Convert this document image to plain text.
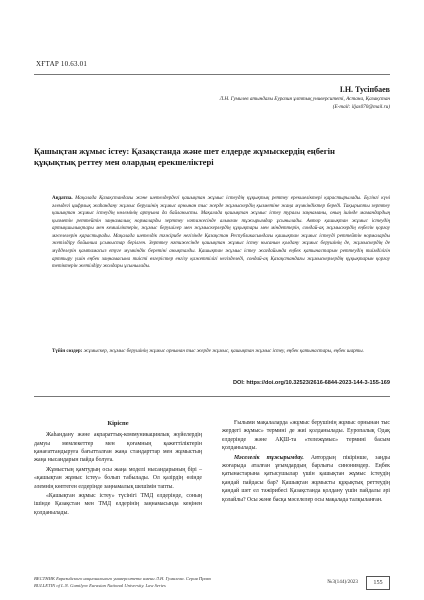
ХҒТАР 10.63.01
I.Н. Тусiпбаев
Л.Н. Гумилев атындағы Еуразия ұлттық университеті, Астана, Қазақстан
(E-mail: iljas070@mail.ru)
Қашықтан жұмыс істеу: Қазақстанда және шет елдерде жұмыскердің еңбегін құқықтық реттеу мен олардың ерекшеліктері
Аңдатпа. Мақалада Қазақстандағы және шетелдердегі қашықтан жұмыс істеудің құқықтық реттеу ерекшеліктері қарастырылады. Бүгінгі күні әлемдегі цифрлық жаһандану жұмыс берушінің жұмыс орнынан тыс жерде жұмыскердің қызметіне жаңа мүмкіндіктер береді. Тақырыпты зерттеу қашықтан жұмыс істеудің көлемінің артуына да байланысты. Мақалада қашықтан жұмыс істеу туралы заңнаманы, оның ішінде мамандардың қызметін реттейтін заңнамалық нормаларды зерттеу нәтижесінде алынған тұжырымдар ұсынылады. Автор қашықтан жұмыс істеудің артықшылықтары мен кемшіліктерін, жұмыс берушілер мен жұмыскерлердің құқықтары мен міндеттерін, сондай-ақ жұмыскердің еңбегін қорғау мәселелерін қарастырады. Мақалада шетелдік тәжірибе негізінде Қазақстан Республикасындағы қашықтан жұмыс істеуді реттейтін нормаларды жетілдіру бойынша ұсыныстар берілген. Зерттеу нәтижесінде қашықтан жұмыс істеу нысанын қолдану жұмыс берушінің де, жұмыскердің де мүдделерін қамтамасыз етуге мүмкіндік беретіні анықталды. Қашықтан жұмыс істеу жағдайында еңбек қатынастарын реттеудің тиімділігін арттыру үшін еңбек заңнамасына тиісті өзгерістер енгізу қажеттілігі негізделеді, сондай-ақ Қазақстандағы жұмыскерлердің құқықтарын қорғау тетіктерін жетілдіру жолдары ұсынылады.
Түйін сөздер: жұмыскер, жұмыс берушінің жұмыс орнынан тыс жерде жұмыс, қашықтан жұмыс істеу, еңбек қатынастары, еңбек шарты.
DOI: https://doi.org/10.32523/2616-6844-2023-144-3-155-169
Кіріспе

Жаһандану және ақпараттық-коммуникациялық жүйелердің дамуы мемлекеттер мен қоғамның қажеттіліктерін қанағаттандыруға бағытталған жаңа стандарттар мен жұмыстың жаңа нысандарын пайда болуға.

Жұмыстың қамтудың осы жаңа моделі нысандарының бірі – «қашықтан жұмыс істеу» болып табылады. Ол қазірдің өзінде әлемнің көптеген елдерінде заңнамалық шешімін тапты.

«Қашықтан жұмыс істеу» түсінігі ТМД елдерінде, соның ішінде Қазақстан мен ТМД елдерінің заңнамасында кеңінен қолданылады.

Ғылыми мақалаларда «жұмыс берушінің жұмыс орнынан тыс жердегі жұмыс» термині де жиі қолданылады. Еуропалық Одақ елдерінде және АҚШ-та «тележұмыс» термині басым қолданылады.

Мәселелік тұжырымдау. Автордың пікірінше, заңды жоғарыда аталған ұғымдардың барлығы синонимдер. Еңбек қатынастарына қатысушылар үшін қашықтан жұмыс істеудің қандай пайдасы бар? Қашықтан жұмысты құқықтық реттеудің қандай шет ел тәжірибесі Қазақстанда қолдану үшін пайдалы әрі қолайлы? Осы және басқа мәселелер осы мақалада талқыланған.

ВЕСТНИК Евразийского национального университета имени Л.Н. Гумилева. Серия Право
BULLETIN of L.N. Gumilyov Eurasian National University. Law Series
№3(144)/2023	155
